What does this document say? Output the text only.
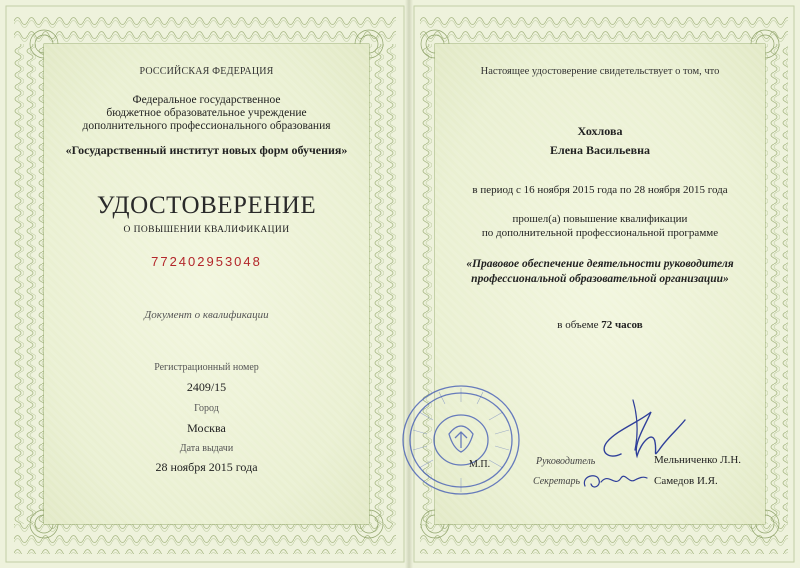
РОССИЙСКАЯ ФЕДЕРАЦИЯ
Федеральное государственное
бюджетное образовательное учреждение
дополнительного профессионального образования
«Государственный институт новых форм обучения»
УДОСТОВЕРЕНИЕ
О ПОВЫШЕНИИ КВАЛИФИКАЦИИ
772402953048
Документ о квалификации
Регистрационный номер
2409/15
Город
Москва
Дата выдачи
28 ноября 2015 года
Настоящее удостоверение свидетельствует о том, что
Хохлова
Елена Васильевна
в период с 16 ноября 2015 года по 28 ноября 2015 года
прошел(а) повышение квалификации
по дополнительной профессиональной программе
«Правовое обеспечение деятельности руководителя
профессиональной образовательной организации»
в объеме 72 часов
М.П.	Руководитель	Мельниченко Л.Н.
Секретарь	Самедов И.Я.
